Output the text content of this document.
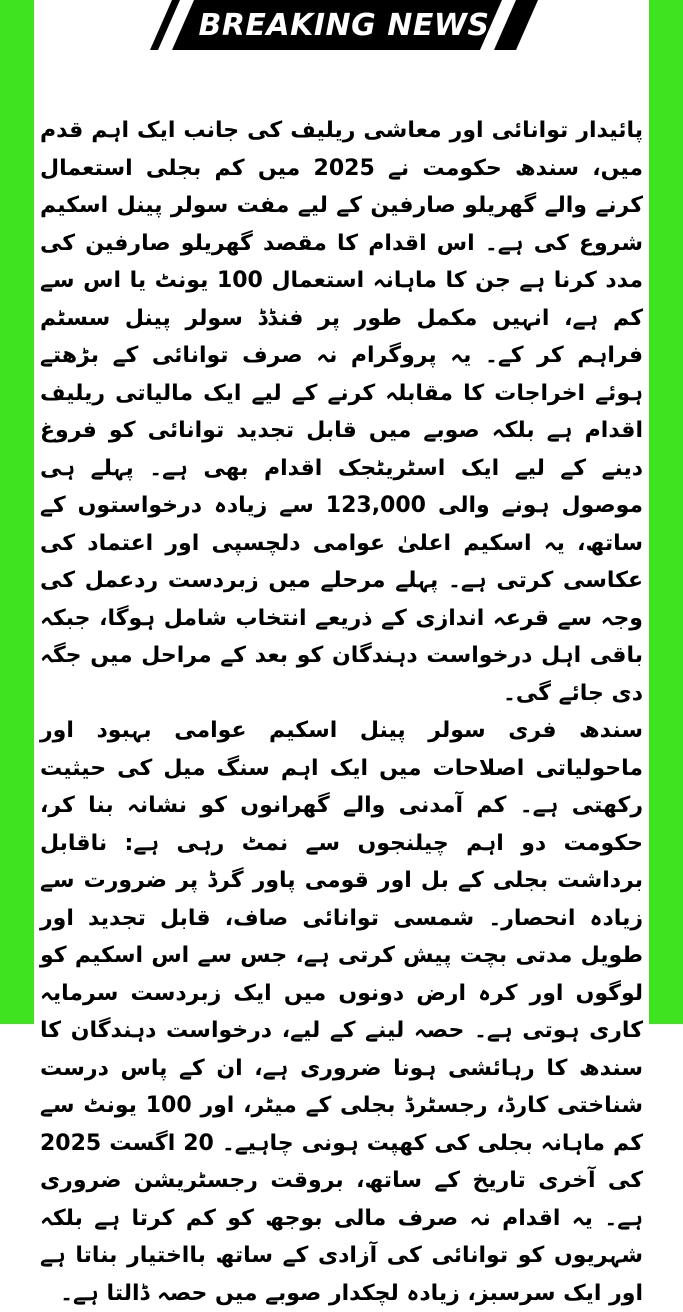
BREAKING NEWS

پائیدار توانائی اور معاشی ریلیف کی جانب ایک اہم قدم میں، سندھ حکومت نے 2025 میں کم بجلی استعمال کرنے والے گھریلو صارفین کے لیے مفت سولر پینل اسکیم شروع کی ہے۔ اس اقدام کا مقصد گھریلو صارفین کی مدد کرنا ہے جن کا ماہانہ استعمال 100 یونٹ یا اس سے کم ہے، انہیں مکمل طور پر فنڈڈ سولر پینل سسٹم فراہم کر کے۔ یہ پروگرام نہ صرف توانائی کے بڑھتے ہوئے اخراجات کا مقابلہ کرنے کے لیے ایک مالیاتی ریلیف اقدام ہے بلکہ صوبے میں قابل تجدید توانائی کو فروغ دینے کے لیے ایک اسٹریٹجک اقدام بھی ہے۔ پہلے ہی موصول ہونے والی 123,000 سے زیادہ درخواستوں کے ساتھ، یہ اسکیم اعلیٰ عوامی دلچسپی اور اعتماد کی عکاسی کرتی ہے۔ پہلے مرحلے میں زبردست ردعمل کی وجہ سے قرعہ اندازی کے ذریعے انتخاب شامل ہوگا، جبکہ باقی اہل درخواست دہندگان کو بعد کے مراحل میں جگہ دی جائے گی۔

سندھ فری سولر پینل اسکیم عوامی بہبود اور ماحولیاتی اصلاحات میں ایک اہم سنگ میل کی حیثیت رکھتی ہے۔ کم آمدنی والے گھرانوں کو نشانہ بنا کر، حکومت دو اہم چیلنجوں سے نمٹ رہی ہے: ناقابل برداشت بجلی کے بل اور قومی پاور گرڈ پر ضرورت سے زیادہ انحصار۔ شمسی توانائی صاف، قابل تجدید اور طویل مدتی بچت پیش کرتی ہے، جس سے اس اسکیم کو لوگوں اور کرہ ارض دونوں میں ایک زبردست سرمایہ کاری ہوتی ہے۔ حصہ لینے کے لیے، درخواست دہندگان کا سندھ کا رہائشی ہونا ضروری ہے، ان کے پاس درست شناختی کارڈ، رجسٹرڈ بجلی کے میٹر، اور 100 یونٹ سے کم ماہانہ بجلی کی کھپت ہونی چاہیے۔ 20 اگست 2025 کی آخری تاریخ کے ساتھ، بروقت رجسٹریشن ضروری ہے۔ یہ اقدام نہ صرف مالی بوجھ کو کم کرتا ہے بلکہ شہریوں کو توانائی کی آزادی کے ساتھ بااختیار بناتا ہے اور ایک سرسبز، زیادہ لچکدار صوبے میں حصہ ڈالتا ہے۔
